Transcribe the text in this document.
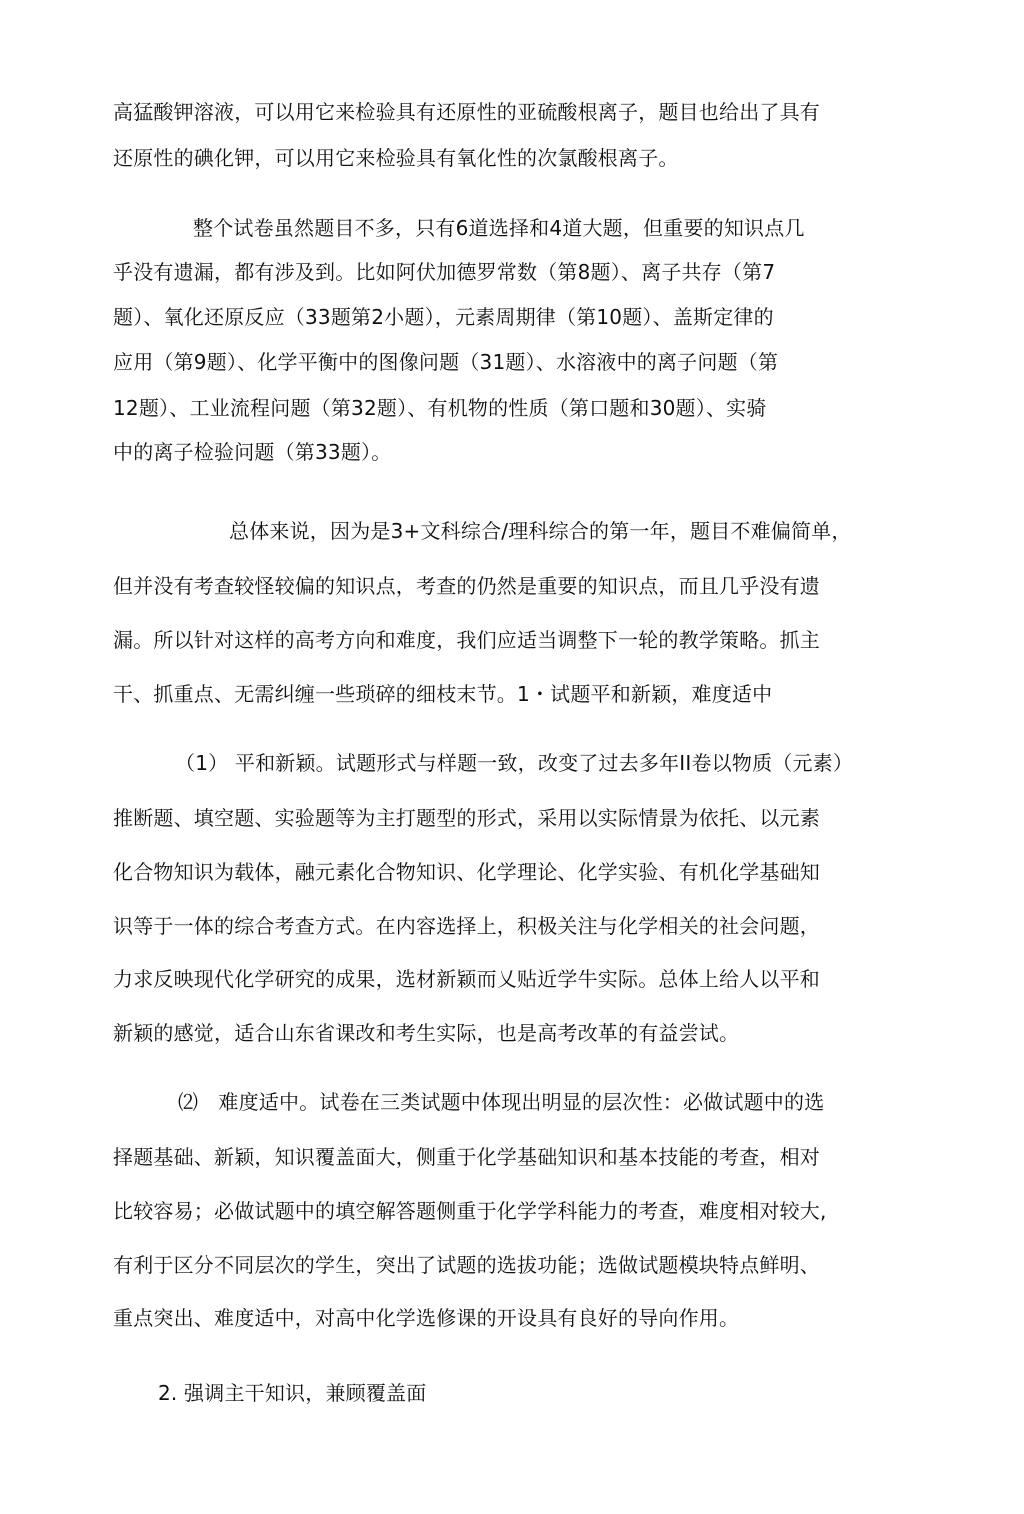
高猛酸钾溶液，可以用它来检验具有还原性的亚硫酸根离子，题目也给出了具有
还原性的碘化钾，可以用它来检验具有氧化性的次氯酸根离子。
整个试卷虽然题目不多，只有6道选择和4道大题，但重要的知识点几
乎没有遗漏，都有涉及到。比如阿伏加德罗常数（第8题）、离子共存（第7
题）、氧化还原反应（33题第2小题），元素周期律（第10题）、盖斯定律的
应用（第9题）、化学平衡中的图像问题（31题）、水溶液中的离子问题（第
12题）、工业流程问题（第32题）、有机物的性质（第口题和30题）、实骑
中的离子检验问题（第33题）。
总体来说，因为是3+文科综合/理科综合的第一年，题目不难偏简单，
但并没有考查较怪较偏的知识点，考查的仍然是重要的知识点，而且几乎没有遗
漏。所以针对这样的高考方向和难度，我们应适当调整下一轮的教学策略。抓主
干、抓重点、无需纠缠一些琐碎的细枝末节。1・试题平和新颖，难度适中
（1） 平和新颖。试题形式与样题一致，改变了过去多年II卷以物质（元素）
推断题、填空题、实验题等为主打题型的形式，采用以实际情景为依托、以元素
化合物知识为载体，融元素化合物知识、化学理论、化学实验、有机化学基础知
识等于一体的综合考查方式。在内容选择上，积极关注与化学相关的社会问题，
力求反映现代化学研究的成果，选材新颖而乂贴近学牛实际。总体上给人以平和
新颖的感觉，适合山东省课改和考生实际，也是高考改革的有益尝试。
⑵　难度适中。试卷在三类试题中体现出明显的层次性：必做试题中的选
择题基础、新颖，知识覆盖面大，侧重于化学基础知识和基本技能的考查，相对
比较容易；必做试题中的填空解答题侧重于化学学科能力的考查，难度相对较大,
有利于区分不同层次的学生，突出了试题的选拔功能；选做试题模块特点鲜明、
重点突出、难度适中，对高中化学选修课的开设具有良好的导向作用。
2. 强调主干知识，兼顾覆盖面
